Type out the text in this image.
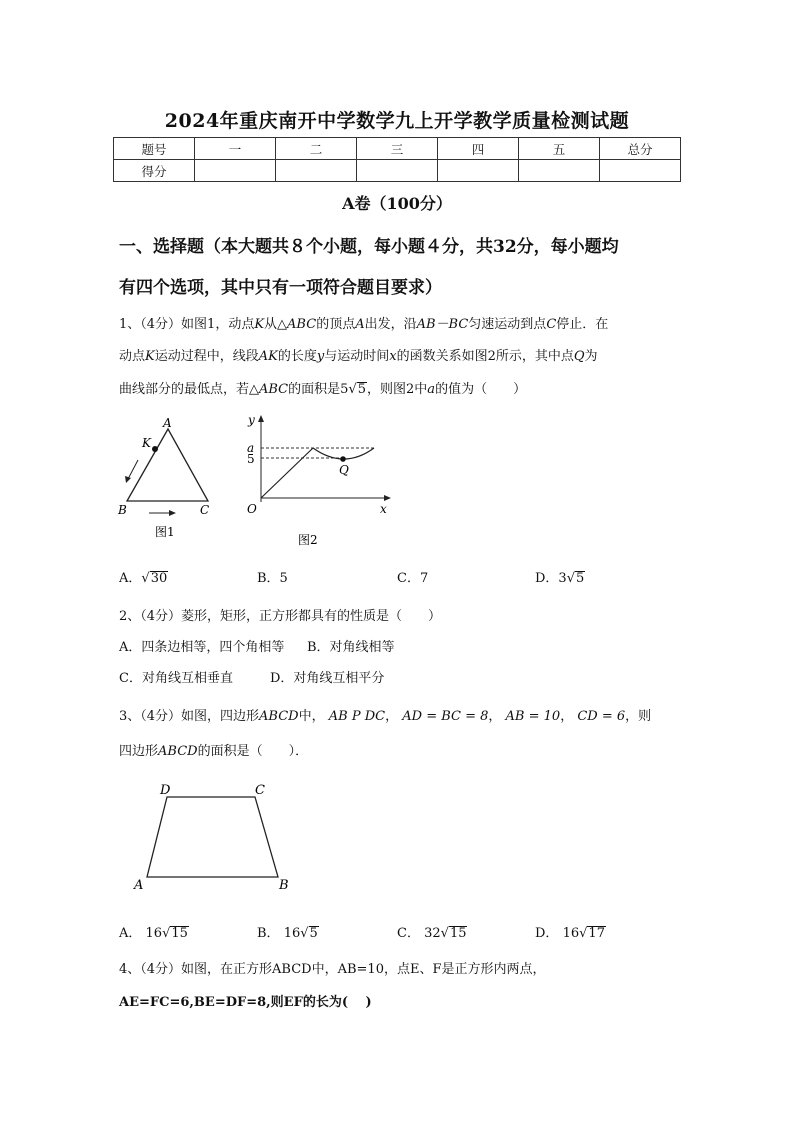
2024年重庆南开中学数学九上开学教学质量检测试题
题号	一	二	三	四	五	总分
得分						
A卷（100分）
一、选择题（本大题共８个小题，每小题４分，共32分，每小题均
有四个选项，其中只有一项符合题目要求）
1、（4分）如图1，动点K从△ABC的顶点A出发，沿AB－BC匀速运动到点C停止．在
动点K运动过程中，线段AK的长度y与运动时间x的函数关系如图2所示，其中点Q为
曲线部分的最低点，若△ABC的面积是5√5，则图2中a的值为（　　）
A
K
B	C
图1
y
a
5
Q
O	x
图2
A．√30	B．5	C．7	D．3√5
2、（4分）菱形，矩形，正方形都具有的性质是（　　）
A．四条边相等，四个角相等 B．对角线相等
C．对角线互相垂直	D．对角线互相平分
3、（4分）如图，四边形ABCD中， AB P DC， AD = BC = 8， AB = 10， CD = 6，则
四边形ABCD的面积是（　　）．
D	C
A	B
A． 16√15	B． 16√5	C． 32√15	D． 16√17
4、（4分）如图，在正方形ABCD中，AB=10，点E、F是正方形内两点，
AE=FC=6,BE=DF=8,则EF的长为(　 )
